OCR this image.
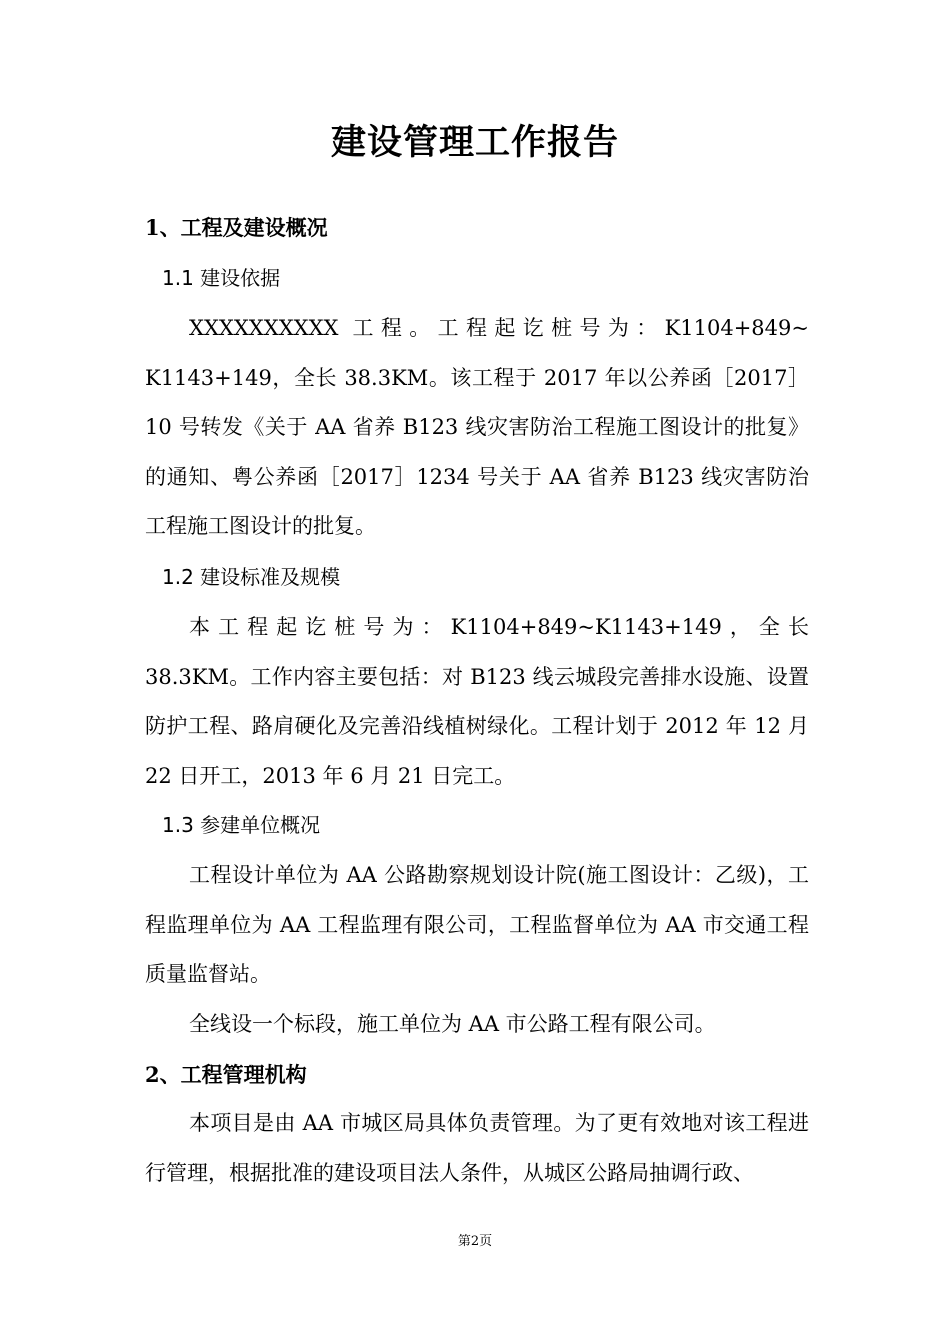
建设管理工作报告
1、工程及建设概况
1.1 建设依据
XXXXXXXXXX 工程。工程起讫桩号为：K1104+849~ K1143+149，全长 38.3KM。该工程于 2017 年以公养函［2017］10 号转发《关于 AA 省养 B123 线灾害防治工程施工图设计的批复》的通知、粤公养函［2017］1234 号关于 AA 省养 B123 线灾害防治工程施工图设计的批复。
1.2 建设标准及规模
本工程起讫桩号为：K1104+849~K1143+149，全长 38.3KM。工作内容主要包括：对 B123 线云城段完善排水设施、设置防护工程、路肩硬化及完善沿线植树绿化。工程计划于 2012 年 12 月 22 日开工，2013 年 6 月 21 日完工。
1.3 参建单位概况
工程设计单位为 AA 公路勘察规划设计院(施工图设计：乙级)，工程监理单位为 AA 工程监理有限公司，工程监督单位为 AA 市交通工程质量监督站。
全线设一个标段，施工单位为 AA 市公路工程有限公司。
2、工程管理机构
本项目是由 AA 市城区局具体负责管理。为了更有效地对该工程进行管理，根据批准的建设项目法人条件，从城区公路局抽调行政、
第2页
